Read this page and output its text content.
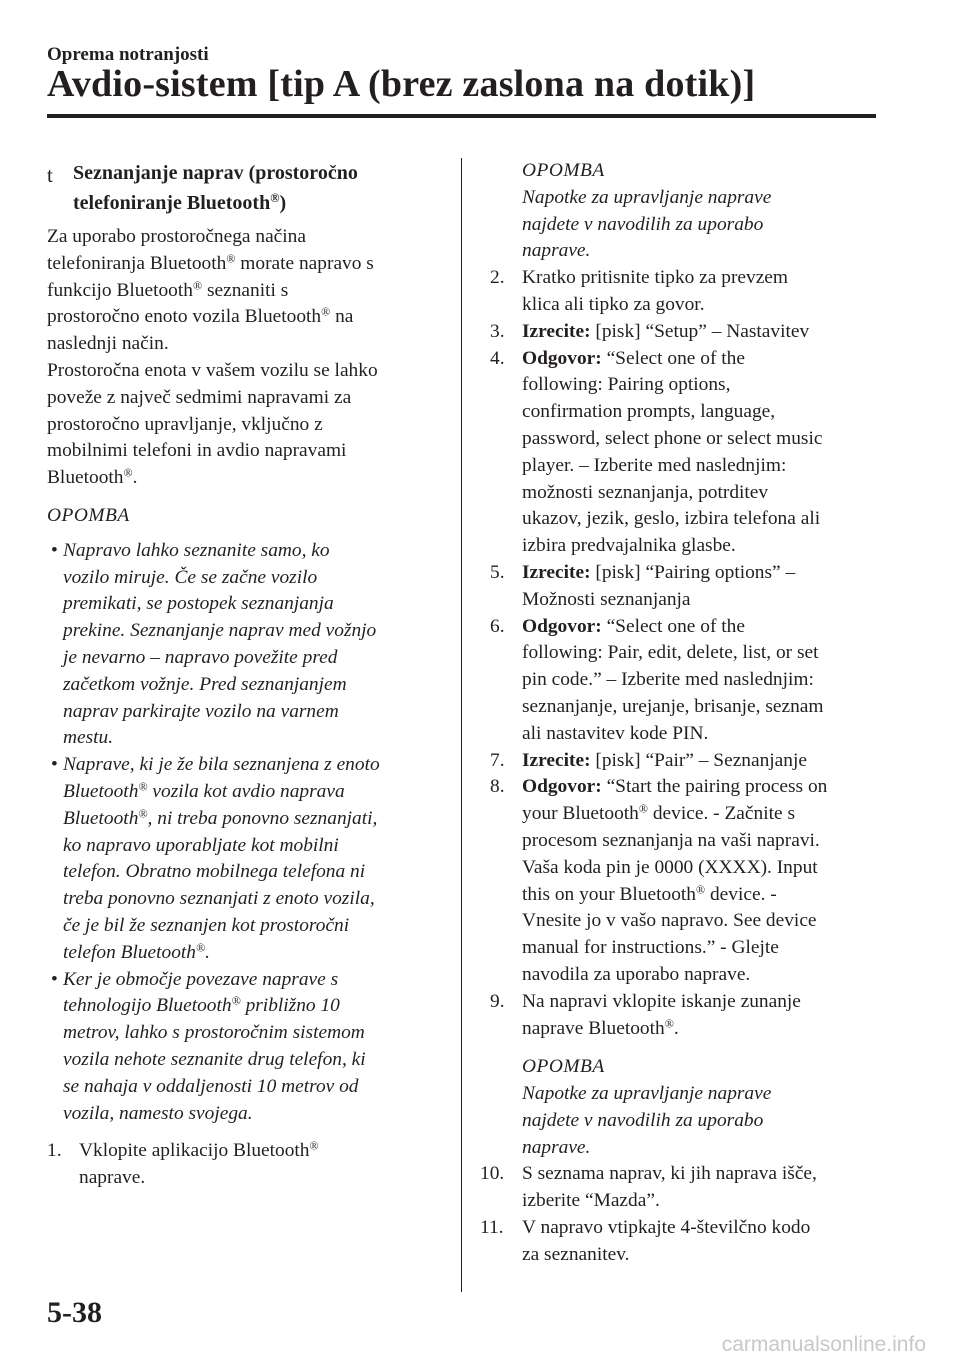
Oprema notranjosti
Avdio-sistem [tip A (brez zaslona na dotik)]
t Seznanjanje naprav (prostoročno
telefoniranje Bluetooth®)

Za uporabo prostoročnega načina
telefoniranja Bluetooth® morate napravo s
funkcijo Bluetooth® seznaniti s
prostoročno enoto vozila Bluetooth® na
naslednji način.

Prostoročna enota v vašem vozilu se lahko
poveže z največ sedmimi napravami za
prostoročno upravljanje, vključno z
mobilnimi telefoni in avdio napravami
Bluetooth®.

OPOMBA

• Napravo lahko seznanite samo, ko
vozilo miruje. Če se začne vozilo
premikati, se postopek seznanjanja
prekine. Seznanjanje naprav med vožnjo
je nevarno – napravo povežite pred
začetkom vožnje. Pred seznanjanjem
naprav parkirajte vozilo na varnem
mestu.
• Naprave, ki je že bila seznanjena z enoto
Bluetooth® vozila kot avdio naprava
Bluetooth®, ni treba ponovno seznanjati,
ko napravo uporabljate kot mobilni
telefon. Obratno mobilnega telefona ni
treba ponovno seznanjati z enoto vozila,
če je bil že seznanjen kot prostoročni
telefon Bluetooth®.
• Ker je območje povezave naprave s
tehnologijo Bluetooth® približno 10
metrov, lahko s prostoročnim sistemom
vozila nehote seznanite drug telefon, ki
se nahaja v oddaljenosti 10 metrov od
vozila, namesto svojega.
1. Vklopite aplikacijo Bluetooth®
naprave.
OPOMBA
Napotke za upravljanje naprave
najdete v navodilih za uporabo
naprave.
2. Kratko pritisnite tipko za prevzem
klica ali tipko za govor.
3. Izrecite: [pisk] “Setup” – Nastavitev
4. Odgovor: “Select one of the
following: Pairing options,
confirmation prompts, language,
password, select phone or select music
player. – Izberite med naslednjim:
možnosti seznanjanja, potrditev
ukazov, jezik, geslo, izbira telefona ali
izbira predvajalnika glasbe.
5. Izrecite: [pisk] “Pairing options” –
Možnosti seznanjanja
6. Odgovor: “Select one of the
following: Pair, edit, delete, list, or set
pin code.” – Izberite med naslednjim:
seznanjanje, urejanje, brisanje, seznam
ali nastavitev kode PIN.
7. Izrecite: [pisk] “Pair” – Seznanjanje
8. Odgovor: “Start the pairing process on
your Bluetooth® device. - Začnite s
procesom seznanjanja na vaši napravi.
Vaša koda pin je 0000 (XXXX). Input
this on your Bluetooth® device. -
Vnesite jo v vašo napravo. See device
manual for instructions.” - Glejte
navodila za uporabo naprave.
9. Na napravi vklopite iskanje zunanje
naprave Bluetooth®.
OPOMBA
Napotke za upravljanje naprave
najdete v navodilih za uporabo
naprave.
10. S seznama naprav, ki jih naprava išče,
izberite “Mazda”.
11. V napravo vtipkajte 4-številčno kodo
za seznanitev.
5-38
carmanualsonline.info
